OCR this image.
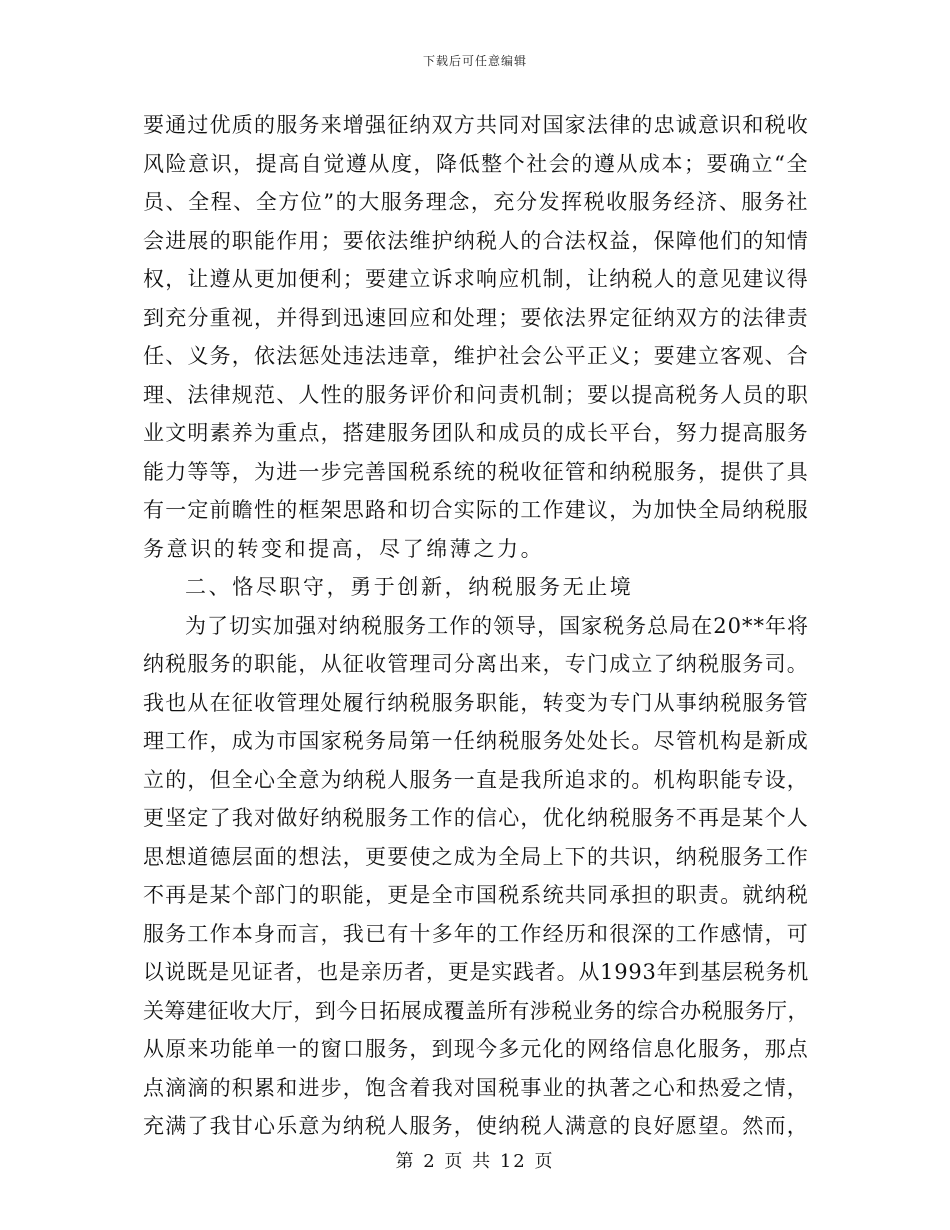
下载后可任意编辑
要通过优质的服务来增强征纳双方共同对国家法律的忠诚意识和税收
风险意识，提高自觉遵从度，降低整个社会的遵从成本；要确立“全
员、全程、全方位”的大服务理念，充分发挥税收服务经济、服务社
会进展的职能作用；要依法维护纳税人的合法权益，保障他们的知情
权，让遵从更加便利；要建立诉求响应机制，让纳税人的意见建议得
到充分重视，并得到迅速回应和处理；要依法界定征纳双方的法律责
任、义务，依法惩处违法违章，维护社会公平正义；要建立客观、合
理、法律规范、人性的服务评价和问责机制；要以提高税务人员的职
业文明素养为重点，搭建服务团队和成员的成长平台，努力提高服务
能力等等，为进一步完善国税系统的税收征管和纳税服务，提供了具
有一定前瞻性的框架思路和切合实际的工作建议，为加快全局纳税服
务意识的转变和提高，尽了绵薄之力。
二、恪尽职守，勇于创新，纳税服务无止境
为了切实加强对纳税服务工作的领导，国家税务总局在20**年将
纳税服务的职能，从征收管理司分离出来，专门成立了纳税服务司。
我也从在征收管理处履行纳税服务职能，转变为专门从事纳税服务管
理工作，成为市国家税务局第一任纳税服务处处长。尽管机构是新成
立的，但全心全意为纳税人服务一直是我所追求的。机构职能专设，
更坚定了我对做好纳税服务工作的信心，优化纳税服务不再是某个人
思想道德层面的想法，更要使之成为全局上下的共识，纳税服务工作
不再是某个部门的职能，更是全市国税系统共同承担的职责。就纳税
服务工作本身而言，我已有十多年的工作经历和很深的工作感情，可
以说既是见证者，也是亲历者，更是实践者。从1993年到基层税务机
关筹建征收大厅，到今日拓展成覆盖所有涉税业务的综合办税服务厅，
从原来功能单一的窗口服务，到现今多元化的网络信息化服务，那点
点滴滴的积累和进步，饱含着我对国税事业的执著之心和热爱之情，
充满了我甘心乐意为纳税人服务，使纳税人满意的良好愿望。然而，
第 2 页 共 12 页
